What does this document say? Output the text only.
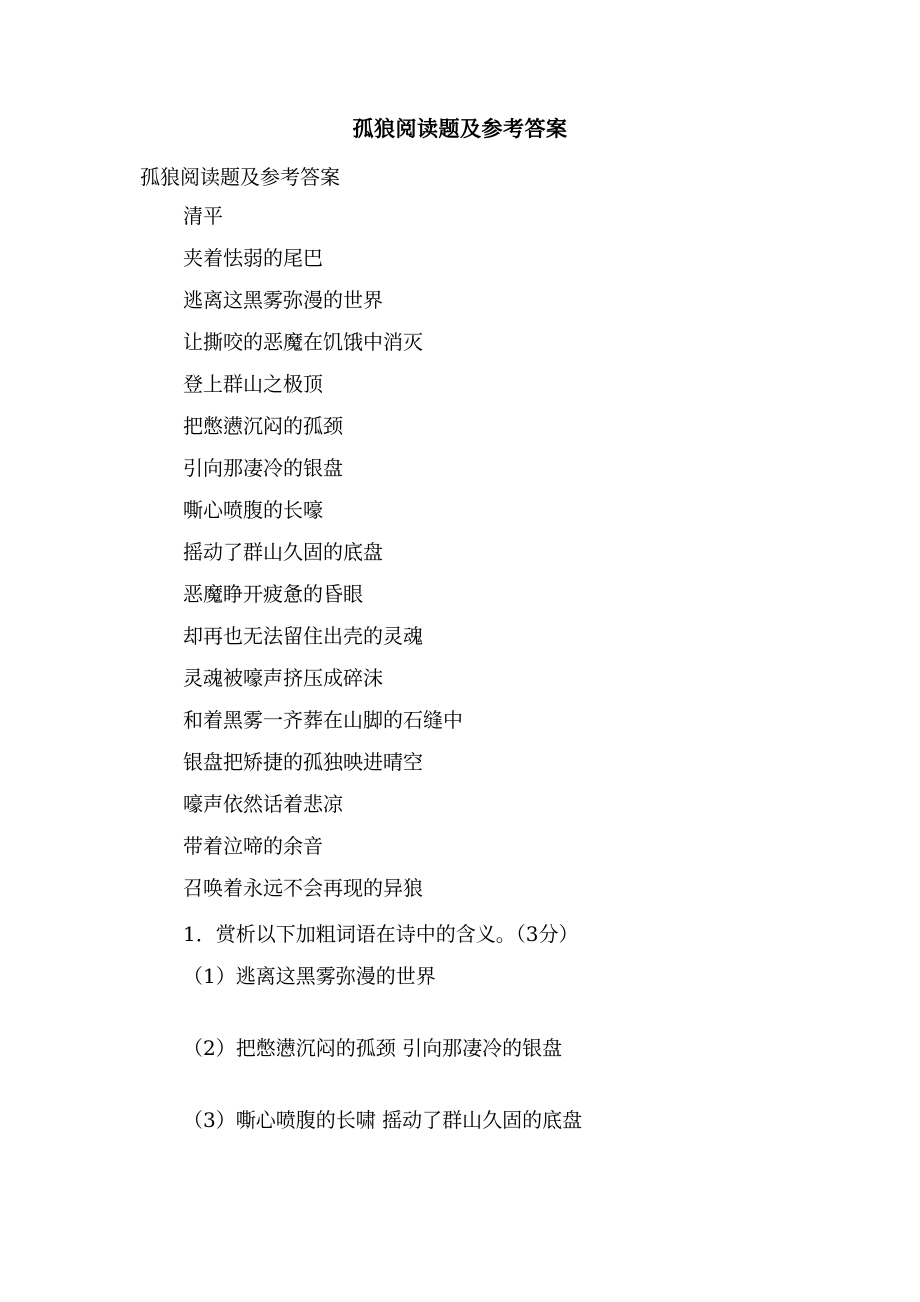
孤狼阅读题及参考答案

孤狼阅读题及参考答案

清平
夹着怯弱的尾巴
逃离这黑雾弥漫的世界
让撕咬的恶魔在饥饿中消灭
登上群山之极顶
把憋懑沉闷的孤颈
引向那凄冷的银盘
嘶心喷腹的长嚎
摇动了群山久固的底盘
恶魔睁开疲惫的昏眼
却再也无法留住出壳的灵魂
灵魂被嚎声挤压成碎沫
和着黑雾一齐葬在山脚的石缝中
银盘把矫捷的孤独映进晴空
嚎声依然话着悲凉
带着泣啼的余音
召唤着永远不会再现的异狼

1．赏析以下加粗词语在诗中的含义。（3分）

（1）逃离这黑雾弥漫的世界

（2）把憋懑沉闷的孤颈 引向那凄冷的银盘

（3）嘶心喷腹的长啸 摇动了群山久固的底盘
